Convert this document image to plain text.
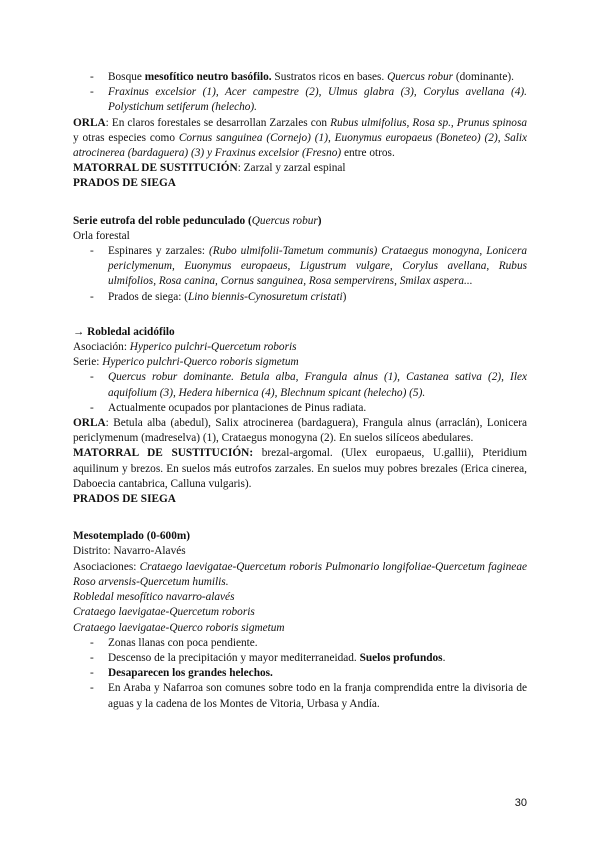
- Bosque mesofítico neutro basófilo. Sustratos ricos en bases. Quercus robur (dominante).
- Fraxinus excelsior (1), Acer campestre (2), Ulmus glabra (3), Corylus avellana (4). Polystichum setiferum (helecho).

ORLA: En claros forestales se desarrollan Zarzales con Rubus ulmifolius, Rosa sp., Prunus spinosa y otras especies como Cornus sanguinea (Cornejo) (1), Euonymus europaeus (Boneteo) (2), Salix atrocinerea (bardaguera) (3) y Fraxinus excelsior (Fresno) entre otros.

MATORRAL DE SUSTITUCIÓN: Zarzal y zarzal espinal

PRADOS DE SIEGA

Serie eutrofa del roble pedunculado (Quercus robur)

Orla forestal

- Espinares y zarzales: (Rubo ulmifolii-Tametum communis) Crataegus monogyna, Lonicera periclymenum, Euonymus europaeus, Ligustrum vulgare, Corylus avellana, Rubus ulmifolios, Rosa canina, Cornus sanguinea, Rosa sempervirens, Smilax aspera...
- Prados de siega: (Lino biennis-Cynosuretum cristati)

→ Robledal acidófilo

Asociación: Hyperico pulchri-Quercetum roboris

Serie: Hyperico pulchri-Querco roboris sigmetum

- Quercus robur dominante. Betula alba, Frangula alnus (1), Castanea sativa (2), Ilex aquifolium (3), Hedera hibernica (4), Blechnum spicant (helecho) (5).
- Actualmente ocupados por plantaciones de Pinus radiata.

ORLA: Betula alba (abedul), Salix atrocinerea (bardaguera), Frangula alnus (arraclán), Lonicera periclymenum (madreselva) (1), Crataegus monogyna (2). En suelos silíceos abedulares.

MATORRAL DE SUSTITUCIÓN: brezal-argomal. (Ulex europaeus, U.gallii), Pteridium aquilinum y brezos. En suelos más eutrofos zarzales. En suelos muy pobres brezales (Erica cinerea, Daboecia cantabrica, Calluna vulgaris).

PRADOS DE SIEGA

Mesotemplado (0-600m)

Distrito: Navarro-Alavés

Asociaciones: Crataego laevigatae-Quercetum roboris Pulmonario longifoliae-Quercetum fagineae Roso arvensis-Quercetum humilis.

Robledal mesofítico navarro-alavés

Crataego laevigatae-Quercetum roboris

Crataego laevigatae-Querco roboris sigmetum

- Zonas llanas con poca pendiente.
- Descenso de la precipitación y mayor mediterraneidad. Suelos profundos.
- Desaparecen los grandes helechos.
- En Araba y Nafarroa son comunes sobre todo en la franja comprendida entre la divisoria de aguas y la cadena de los Montes de Vitoria, Urbasa y Andía.
30
